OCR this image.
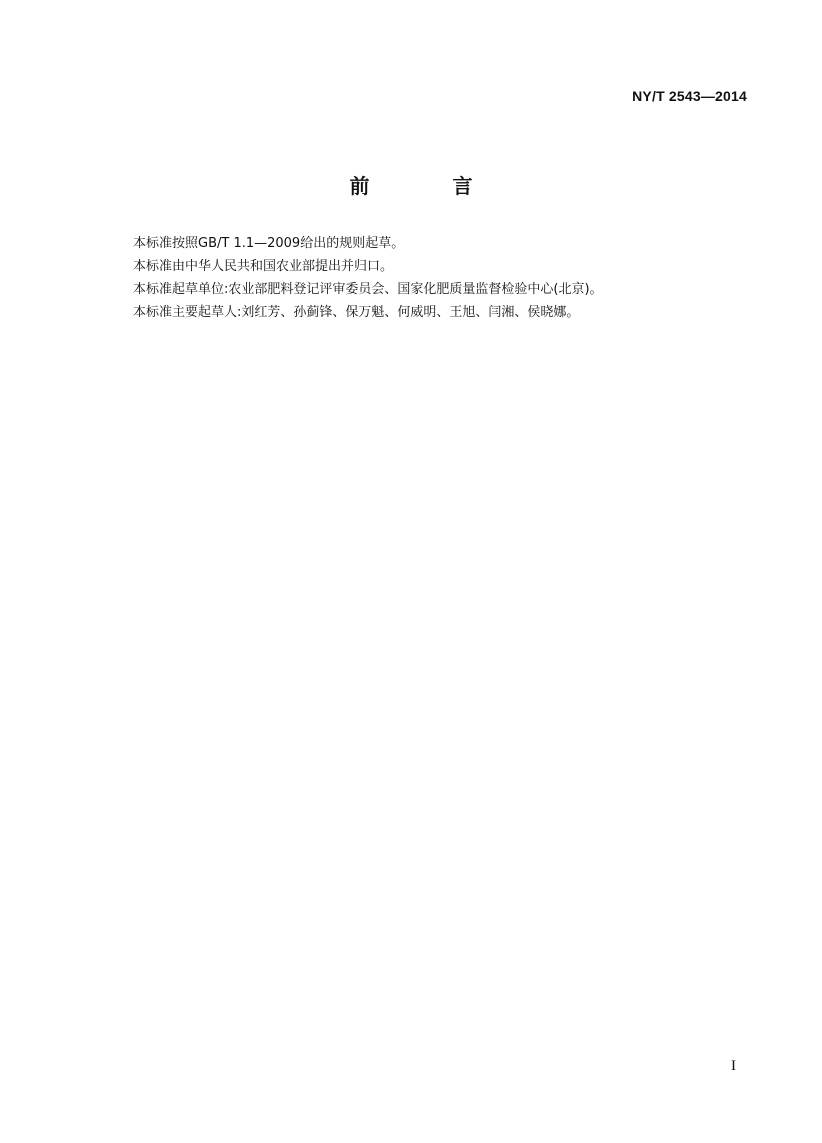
NY/T 2543—2014
前 言

本标准按照GB/T 1.1—2009给出的规则起草。

本标准由中华人民共和国农业部提出并归口。

本标准起草单位:农业部肥料登记评审委员会、国家化肥质量监督检验中心(北京)。

本标准主要起草人:刘红芳、孙蓟锋、保万魁、何威明、王旭、闫湘、侯晓娜。

I
